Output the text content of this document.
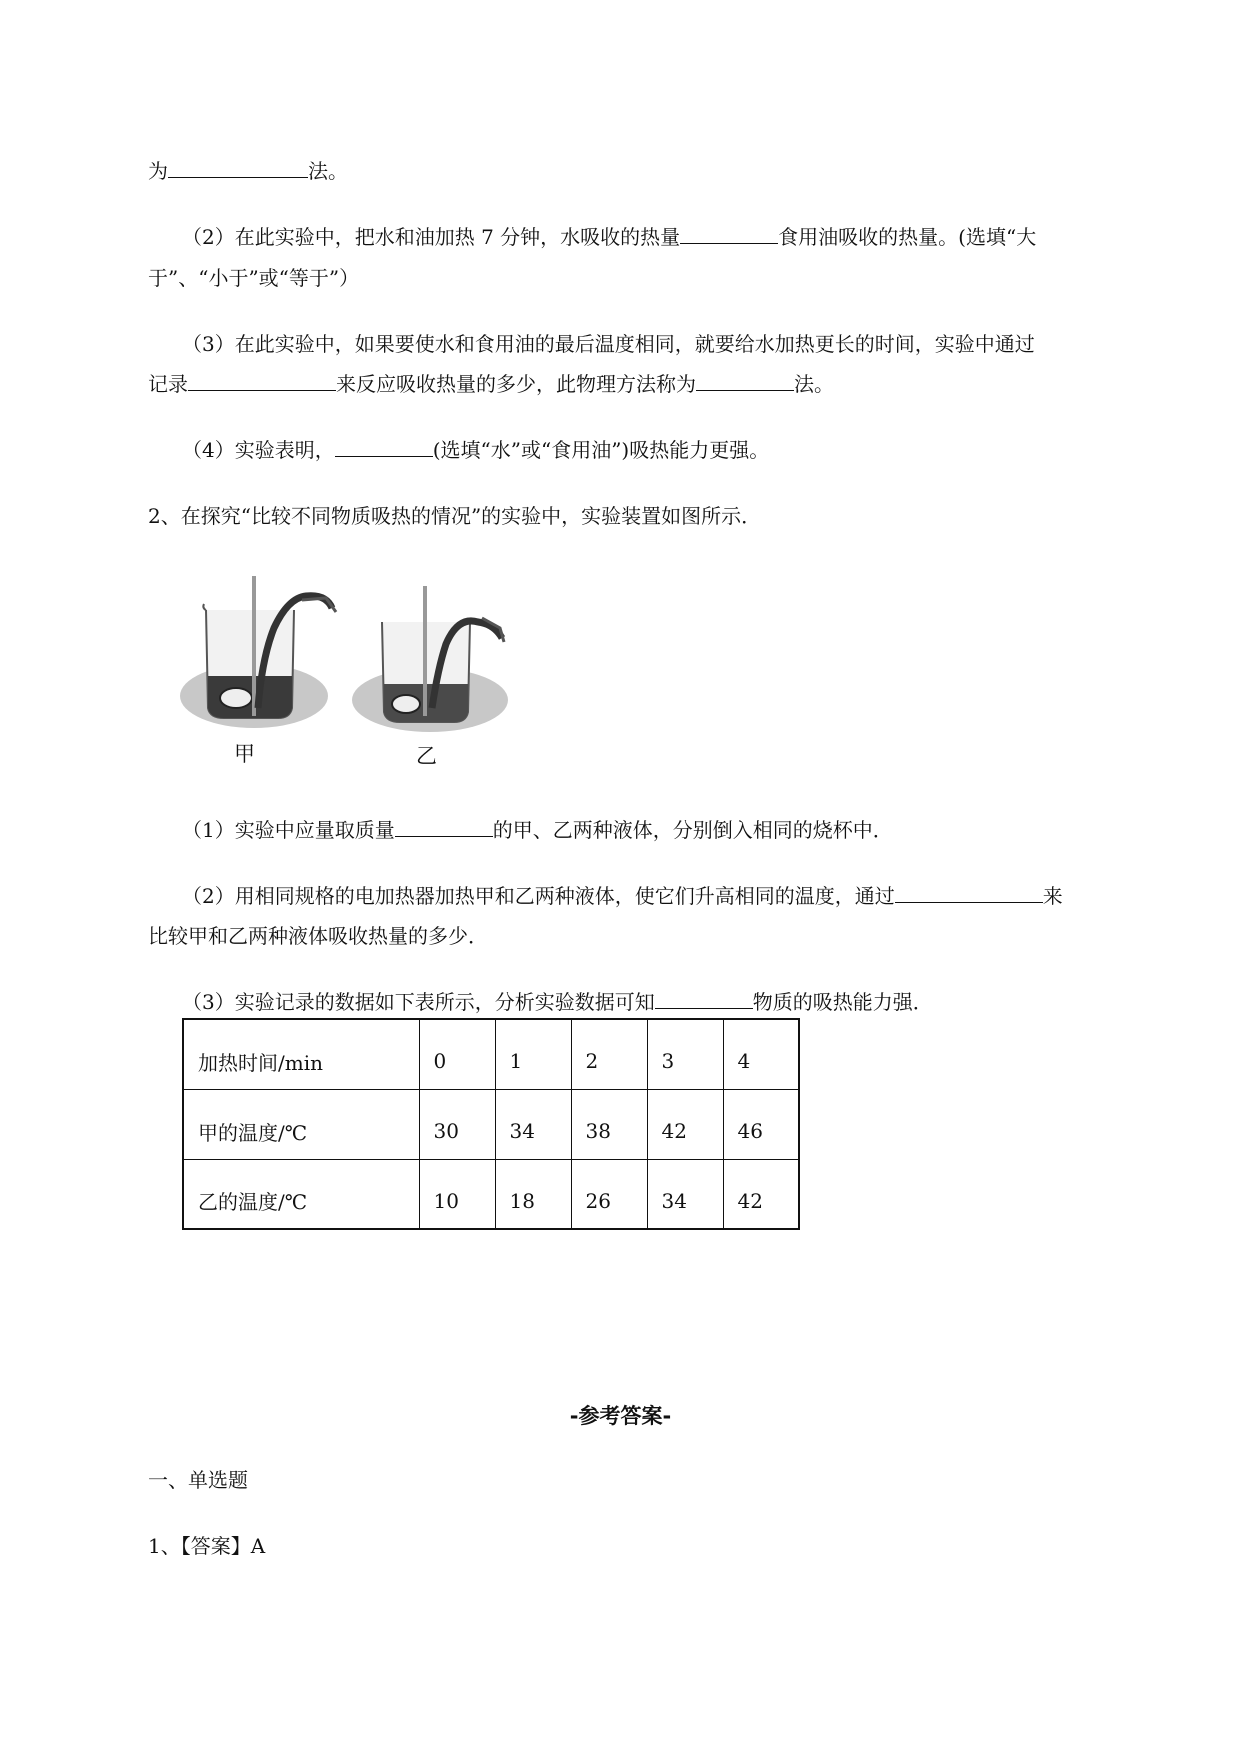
为	法。
（2）在此实验中，把水和油加热 7 分钟，水吸收的热量	食用油吸收的热量。(选填“大
于”、“小于”或“等于”）
（3）在此实验中，如果要使水和食用油的最后温度相同，就要给水加热更长的时间，实验中通过
记录	来反应吸收热量的多少，此物理方法称为	法。
（4）实验表明，	(选填“水”或“食用油”)吸热能力更强。
2、在探究“比较不同物质吸热的情况”的实验中，实验装置如图所示．
甲	乙
（1）实验中应量取质量	的甲、乙两种液体，分别倒入相同的烧杯中．
（2）用相同规格的电加热器加热甲和乙两种液体，使它们升高相同的温度，通过	来
比较甲和乙两种液体吸收热量的多少．
（3）实验记录的数据如下表所示，分析实验数据可知	物质的吸热能力强．
加热时间/min	0	1	2	3	4
甲的温度/℃	30	34	38	42	46
乙的温度/℃	10	18	26	34	42
-参考答案-
一、单选题
1、【答案】A
